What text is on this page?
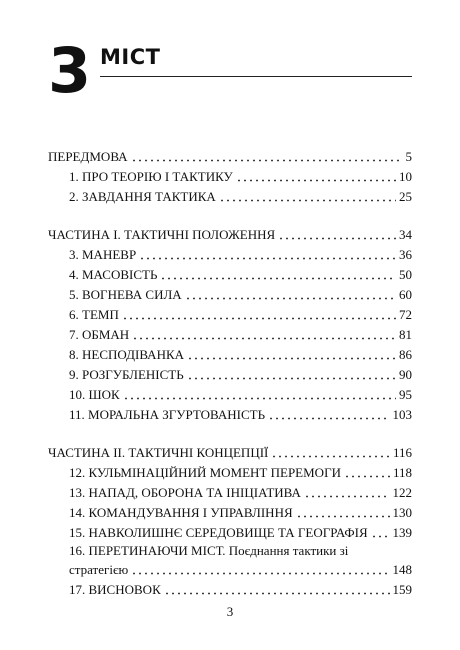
3 МІСТ
ПЕРЕДМОВА	5
1. ПРО ТЕОРІЮ І ТАКТИКУ	10
2. ЗАВДАННЯ ТАКТИКА	25
ЧАСТИНА І. ТАКТИЧНІ ПОЛОЖЕННЯ	34
3. МАНЕВР	36
4. МАСОВІСТЬ	50
5. ВОГНЕВА СИЛА	60
6. ТЕМП	72
7. ОБМАН	81
8. НЕСПОДІВАНКА	86
9. РОЗГУБЛЕНІСТЬ	90
10. ШОК	95
11. МОРАЛЬНА ЗГУРТОВАНІСТЬ	103
ЧАСТИНА ІІ. ТАКТИЧНІ КОНЦЕПЦІЇ	116
12. КУЛЬМІНАЦІЙНИЙ МОМЕНТ ПЕРЕМОГИ	118
13. НАПАД, ОБОРОНА ТА ІНІЦІАТИВА	122
14. КОМАНДУВАННЯ І УПРАВЛІННЯ	130
15. НАВКОЛИШНЄ СЕРЕДОВИЩЕ ТА ГЕОГРАФІЯ 139
16. ПЕРЕТИНАЮЧИ МІСТ. Поєднання тактики зі
стратегією	148
17. ВИСНОВОК	159
3
